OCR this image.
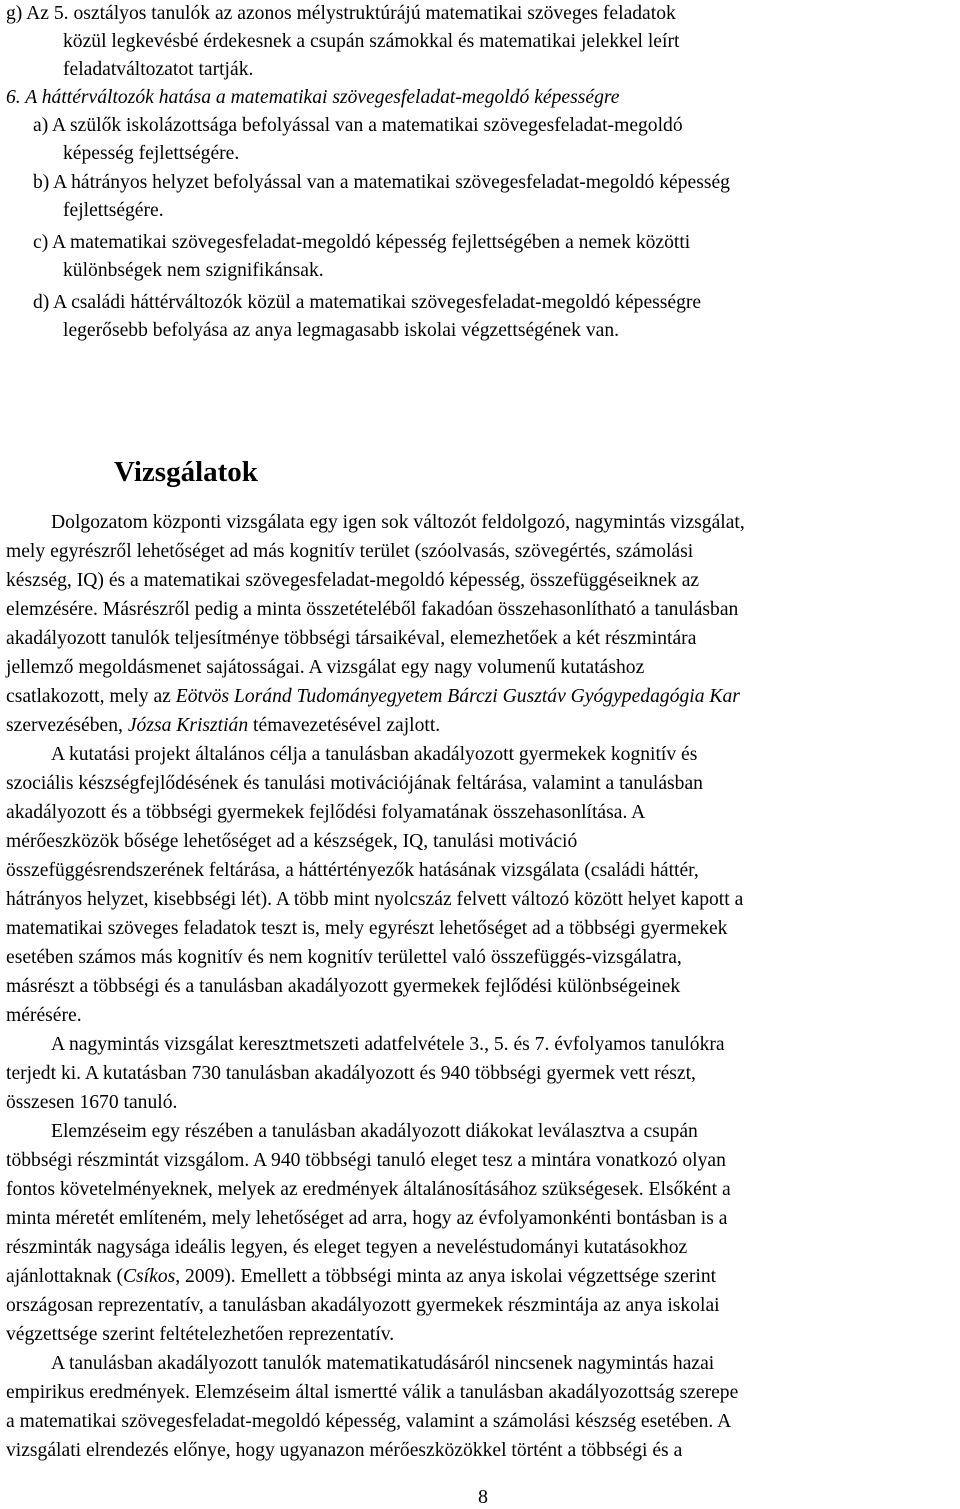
g) Az 5. osztályos tanulók az azonos mélystruktúrájú matematikai szöveges feladatok
közül legkevésbé érdekesnek a csupán számokkal és matematikai jelekkel leírt
feladatváltozatot tartják.
6. A háttérváltozók hatása a matematikai szövegesfeladat-megoldó képességre
a) A szülők iskolázottsága befolyással van a matematikai szövegesfeladat-megoldó
képesség fejlettségére.
b) A hátrányos helyzet befolyással van a matematikai szövegesfeladat-megoldó képesség
fejlettségére.
c) A matematikai szövegesfeladat-megoldó képesség fejlettségében a nemek közötti
különbségek nem szignifikánsak.
d) A családi háttérváltozók közül a matematikai szövegesfeladat-megoldó képességre
legerősebb befolyása az anya legmagasabb iskolai végzettségének van.
Vizsgálatok
Dolgozatom központi vizsgálata egy igen sok változót feldolgozó, nagymintás vizsgálat,
mely egyrészről lehetőséget ad más kognitív terület (szóolvasás, szövegértés, számolási
készség, IQ) és a matematikai szövegesfeladat-megoldó képesség, összefüggéseiknek az
elemzésére. Másrészről pedig a minta összetételéből fakadóan összehasonlítható a tanulásban
akadályozott tanulók teljesítménye többségi társaikéval, elemezhetőek a két részmintára
jellemző megoldásmenet sajátosságai. A vizsgálat egy nagy volumenű kutatáshoz
csatlakozott, mely az Eötvös Loránd Tudományegyetem Bárczi Gusztáv Gyógypedagógia Kar
szervezésében, Józsa Krisztián témavezetésével zajlott.
A kutatási projekt általános célja a tanulásban akadályozott gyermekek kognitív és
szociális készségfejlődésének és tanulási motivációjának feltárása, valamint a tanulásban
akadályozott és a többségi gyermekek fejlődési folyamatának összehasonlítása. A
mérőeszközök bősége lehetőséget ad a készségek, IQ, tanulási motiváció
összefüggésrendszerének feltárása, a háttértényezők hatásának vizsgálata (családi háttér,
hátrányos helyzet, kisebbségi lét). A több mint nyolcszáz felvett változó között helyet kapott a
matematikai szöveges feladatok teszt is, mely egyrészt lehetőséget ad a többségi gyermekek
esetében számos más kognitív és nem kognitív területtel való összefüggés-vizsgálatra,
másrészt a többségi és a tanulásban akadályozott gyermekek fejlődési különbségeinek
mérésére.
A nagymintás vizsgálat keresztmetszeti adatfelvétele 3., 5. és 7. évfolyamos tanulókra
terjedt ki. A kutatásban 730 tanulásban akadályozott és 940 többségi gyermek vett részt,
összesen 1670 tanuló.
Elemzéseim egy részében a tanulásban akadályozott diákokat leválasztva a csupán
többségi részmintát vizsgálom. A 940 többségi tanuló eleget tesz a mintára vonatkozó olyan
fontos követelményeknek, melyek az eredmények általánosításához szükségesek. Elsőként a
minta méretét említeném, mely lehetőséget ad arra, hogy az évfolyamonkénti bontásban is a
részminták nagysága ideális legyen, és eleget tegyen a neveléstudományi kutatásokhoz
ajánlottaknak (Csíkos, 2009). Emellett a többségi minta az anya iskolai végzettsége szerint
országosan reprezentatív, a tanulásban akadályozott gyermekek részmintája az anya iskolai
végzettsége szerint feltételezhetően reprezentatív.
A tanulásban akadályozott tanulók matematikatudásáról nincsenek nagymintás hazai
empirikus eredmények. Elemzéseim által ismertté válik a tanulásban akadályozottság szerepe
a matematikai szövegesfeladat-megoldó képesség, valamint a számolási készség esetében. A
vizsgálati elrendezés előnye, hogy ugyanazon mérőeszközökkel történt a többségi és a
8
